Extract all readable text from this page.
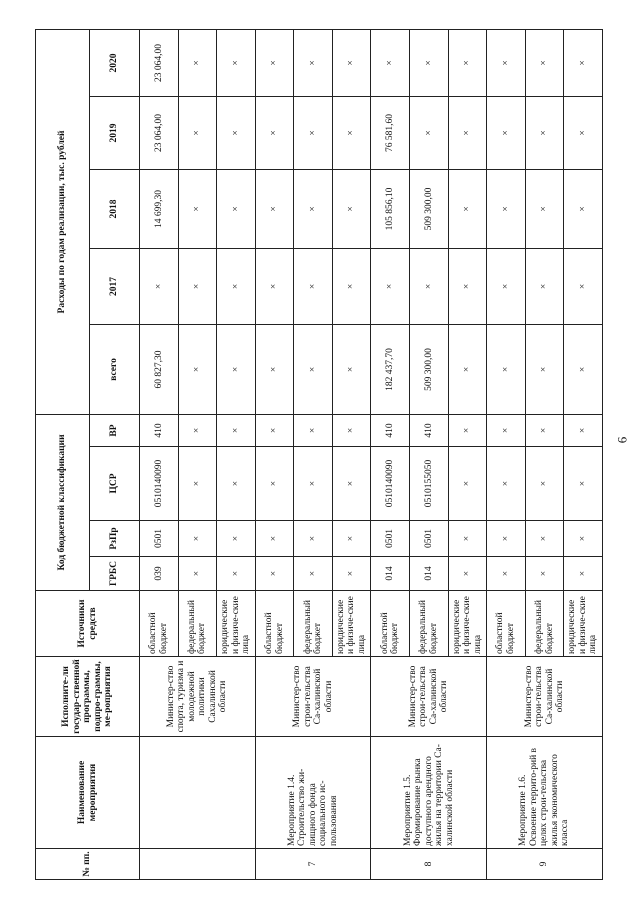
6
№ пп.	Наименование мероприятия	Исполните-ли государ-ственной программы, подпро-граммы, ме-роприятия	Источники средств	Код бюджетной классификации				Расходы по годам реализации, тыс. рублей				
				ГРБС	РзПр	ЦСР	ВР	всего	2017	2018	2019	2020
		Министер-ство спорта, туризма и молодежной политики Сахалинской области	областной бюджет	039	0501	0510140090	410	60 827,30	×	14 699,30	23 064,00	23 064,00
			федеральный бюджет	×	×	×	×	×	×	×	×	×
			юридические и физиче-ские лица	×	×	×	×	×	×	×	×	×
7	Мероприятие 1.4. Строительство жи-лищного фонда социального ис-пользования	Министер-ство строи-тельства Са-халинской области	областной бюджет	×	×	×	×	×	×	×	×	×
			федеральный бюджет	×	×	×	×	×	×	×	×	×
			юридические и физиче-ские лица	×	×	×	×	×	×	×	×	×
8	Мероприятие 1.5. Формирование рынка доступного арендного жилья на территории Са-халинской области	Министер-ство строи-тельства Са-халинской области	областной бюджет	014	0501	0510140090	410	182 437,70	×	105 856,10	76 581,60	×
			федеральный бюджет	014	0501	0510155050	410	509 300,00	×	509 300,00	×	×
			юридические и физиче-ские лица	×	×	×	×	×	×	×	×	×
9	Мероприятие 1.6. Освоение террито-рий в целях строи-тельства жилья экономического класса	Министер-ство строи-тельства Са-халинской области	областной бюджет	×	×	×	×	×	×	×	×	×
			федеральный бюджет	×	×	×	×	×	×	×	×	×
			юридические и физиче-ские лица	×	×	×	×	×	×	×	×	×
